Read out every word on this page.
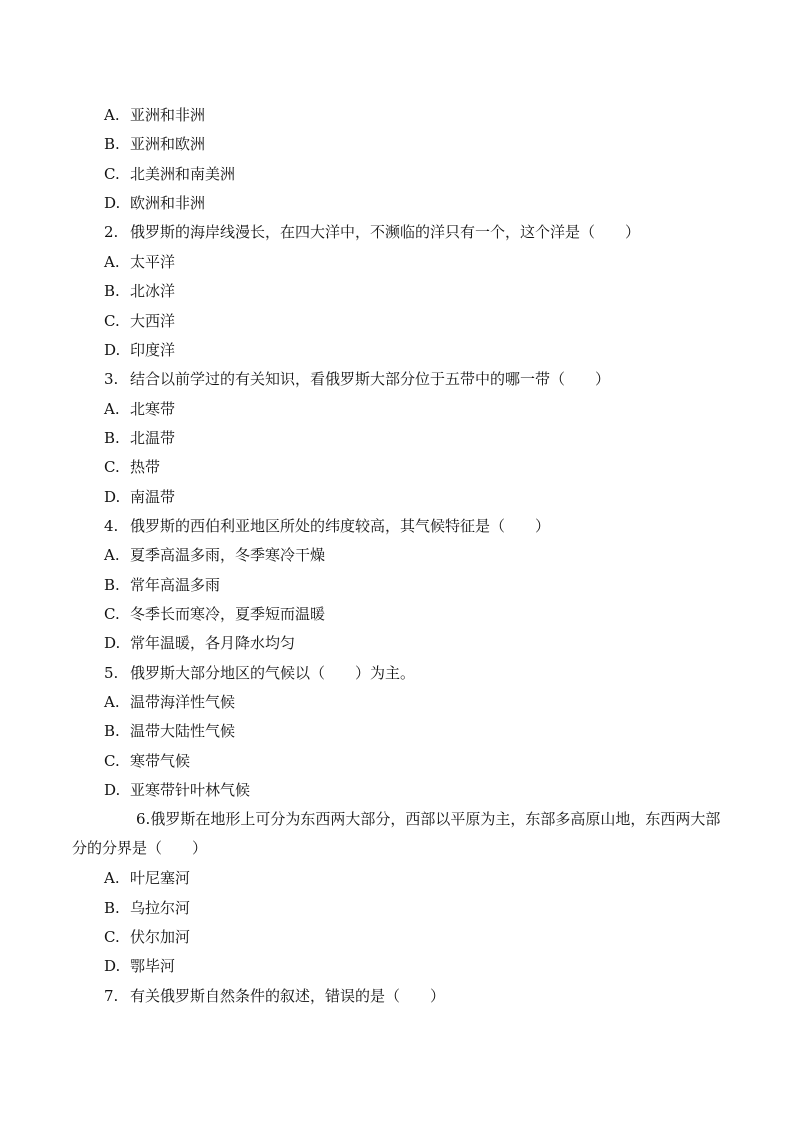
A. 亚洲和非洲
B. 亚洲和欧洲
C. 北美洲和南美洲
D. 欧洲和非洲
2. 俄罗斯的海岸线漫长，在四大洋中，不濒临的洋只有一个，这个洋是（　　）
A. 太平洋
B. 北冰洋
C. 大西洋
D. 印度洋
3. 结合以前学过的有关知识，看俄罗斯大部分位于五带中的哪一带（　　）
A. 北寒带
B. 北温带
C. 热带
D. 南温带
4. 俄罗斯的西伯利亚地区所处的纬度较高，其气候特征是（　　）
A. 夏季高温多雨，冬季寒冷干燥
B. 常年高温多雨
C. 冬季长而寒冷，夏季短而温暖
D. 常年温暖，各月降水均匀
5. 俄罗斯大部分地区的气候以（　　）为主。
A. 温带海洋性气候
B. 温带大陆性气候
C. 寒带气候
D. 亚寒带针叶林气候
6.俄罗斯在地形上可分为东西两大部分，西部以平原为主，东部多高原山地，东西两大部分的分界是（　　）
A. 叶尼塞河
B. 乌拉尔河
C. 伏尔加河
D. 鄂毕河
7. 有关俄罗斯自然条件的叙述，错误的是（　　）
